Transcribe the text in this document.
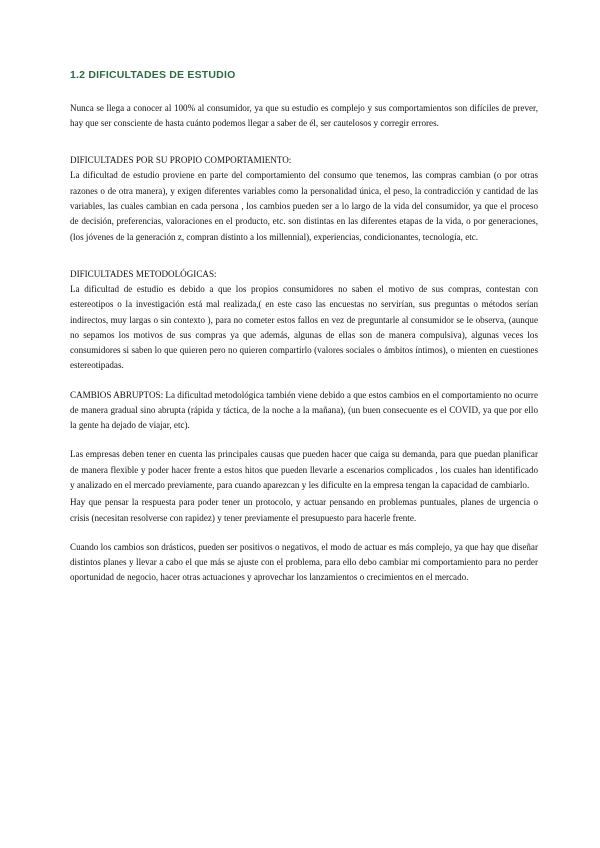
1.2 DIFICULTADES DE ESTUDIO

Nunca se llega a conocer al 100% al consumidor, ya que su estudio es complejo y sus comportamientos son difíciles de prever, hay que ser consciente de hasta cuánto podemos llegar a saber de él, ser cautelosos y corregir errores.

DIFICULTADES POR SU PROPIO COMPORTAMIENTO:

La dificultad de estudio proviene en parte del comportamiento del consumo que tenemos, las compras cambian (o por otras razones o de otra manera), y exigen diferentes variables como la personalidad única, el peso, la contradicción y cantidad de las variables, las cuales cambian en cada persona , los cambios pueden ser a lo largo de la vida del consumidor, ya que el proceso de decisión, preferencias, valoraciones en el producto, etc. son distintas en las diferentes etapas de la vida, o por generaciones, (los jóvenes de la generación z, compran distinto a los millennial), experiencias, condicionantes, tecnología, etc.

DIFICULTADES METODOLÓGICAS:

La dificultad de estudio es debido a que los propios consumidores no saben el motivo de sus compras, contestan con estereotipos o la investigación está mal realizada,( en este caso las encuestas no servirían, sus preguntas o métodos serían indirectos, muy largas o sin contexto ), para no cometer estos fallos en vez de preguntarle al consumidor se le observa, (aunque no sepamos los motivos de sus compras ya que además, algunas de ellas son de manera compulsiva), algunas veces los consumidores si saben lo que quieren pero no quieren compartirlo (valores sociales o ámbitos íntimos), o mienten en cuestiones estereotipadas.

CAMBIOS ABRUPTOS: La dificultad metodológica también viene debido a que estos cambios en el comportamiento no ocurre de manera gradual sino abrupta (rápida y táctica, de la noche a la mañana), (un buen consecuente es el COVID, ya que por ello la gente ha dejado de viajar, etc).

Las empresas deben tener en cuenta las principales causas que pueden hacer que caiga su demanda, para que puedan planificar de manera flexible y poder hacer frente a estos hitos que pueden llevarle a escenarios complicados , los cuales han identificado y analizado en el mercado previamente, para cuando aparezcan y les dificulte en la empresa tengan la capacidad de cambiarlo.

Hay que pensar la respuesta para poder tener un protocolo, y actuar pensando en problemas puntuales, planes de urgencia o crisis (necesitan resolverse con rapidez) y tener previamente el presupuesto para hacerle frente.

Cuando los cambios son drásticos, pueden ser positivos o negativos, el modo de actuar es más complejo, ya que hay que diseñar distintos planes y llevar a cabo el que más se ajuste con el problema, para ello debo cambiar mi comportamiento para no perder oportunidad de negocio, hacer otras actuaciones y aprovechar los lanzamientos o crecimientos en el mercado.
